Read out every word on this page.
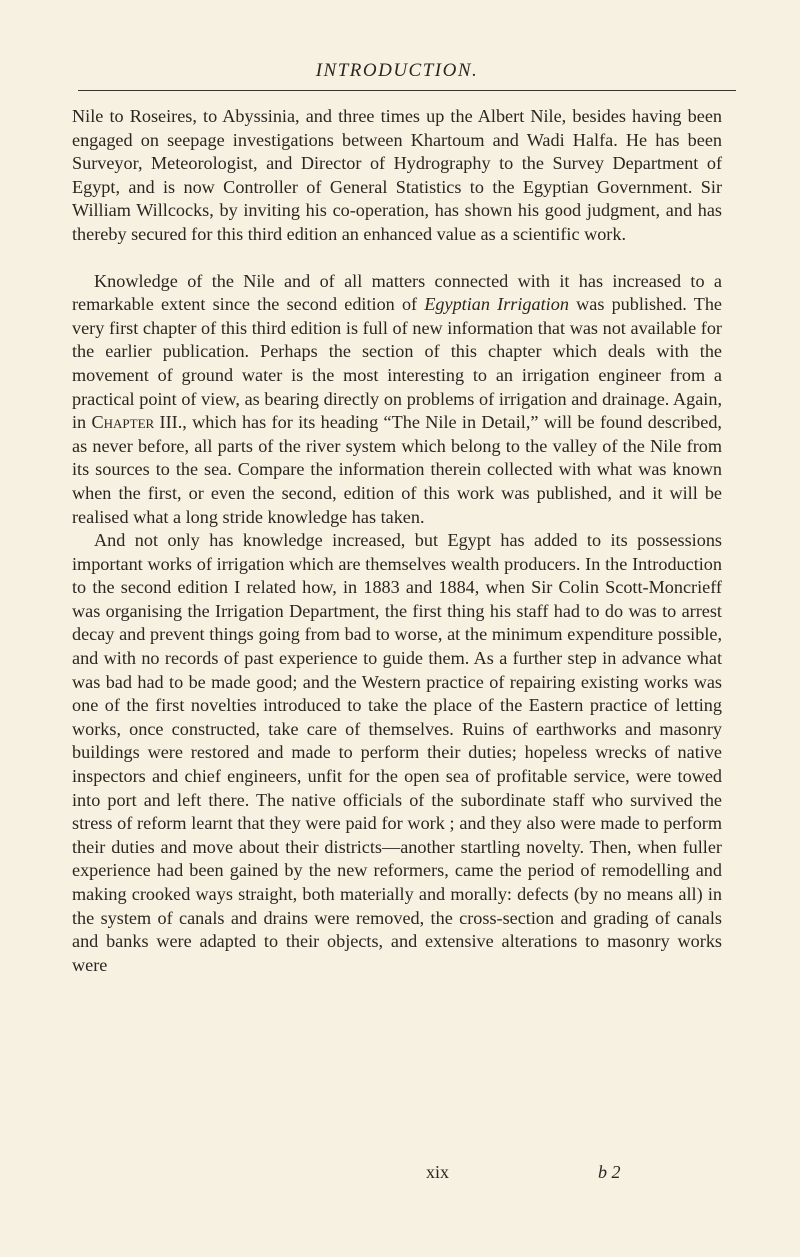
INTRODUCTION.

Nile to Roseires, to Abyssinia, and three times up the Albert Nile, besides having been engaged on seepage investigations between Khartoum and Wadi Halfa. He has been Surveyor, Meteorologist, and Director of Hydrography to the Survey Department of Egypt, and is now Controller of General Statistics to the Egyptian Government. Sir William Willcocks, by inviting his co-operation, has shown his good judgment, and has thereby secured for this third edition an enhanced value as a scientific work.

Knowledge of the Nile and of all matters connected with it has increased to a remarkable extent since the second edition of Egyptian Irrigation was published. The very first chapter of this third edition is full of new information that was not available for the earlier publication. Perhaps the section of this chapter which deals with the movement of ground water is the most interesting to an irrigation engineer from a practical point of view, as bearing directly on problems of irrigation and drainage. Again, in Chapter III., which has for its heading “The Nile in Detail,” will be found described, as never before, all parts of the river system which belong to the valley of the Nile from its sources to the sea. Compare the information therein collected with what was known when the first, or even the second, edition of this work was published, and it will be realised what a long stride knowledge has taken.

And not only has knowledge increased, but Egypt has added to its possessions important works of irrigation which are themselves wealth producers. In the Introduction to the second edition I related how, in 1883 and 1884, when Sir Colin Scott-Moncrieff was organising the Irrigation Department, the first thing his staff had to do was to arrest decay and prevent things going from bad to worse, at the minimum expenditure possible, and with no records of past experience to guide them. As a further step in advance what was bad had to be made good; and the Western practice of repairing existing works was one of the first novelties introduced to take the place of the Eastern practice of letting works, once constructed, take care of themselves. Ruins of earthworks and masonry buildings were restored and made to perform their duties; hopeless wrecks of native inspectors and chief engineers, unfit for the open sea of profitable service, were towed into port and left there. The native officials of the subordinate staff who survived the stress of reform learnt that they were paid for work ; and they also were made to perform their duties and move about their districts—another startling novelty. Then, when fuller experience had been gained by the new reformers, came the period of remodelling and making crooked ways straight, both materially and morally: defects (by no means all) in the system of canals and drains were removed, the cross-section and grading of canals and banks were adapted to their objects, and extensive alterations to masonry works were

xix	b 2
